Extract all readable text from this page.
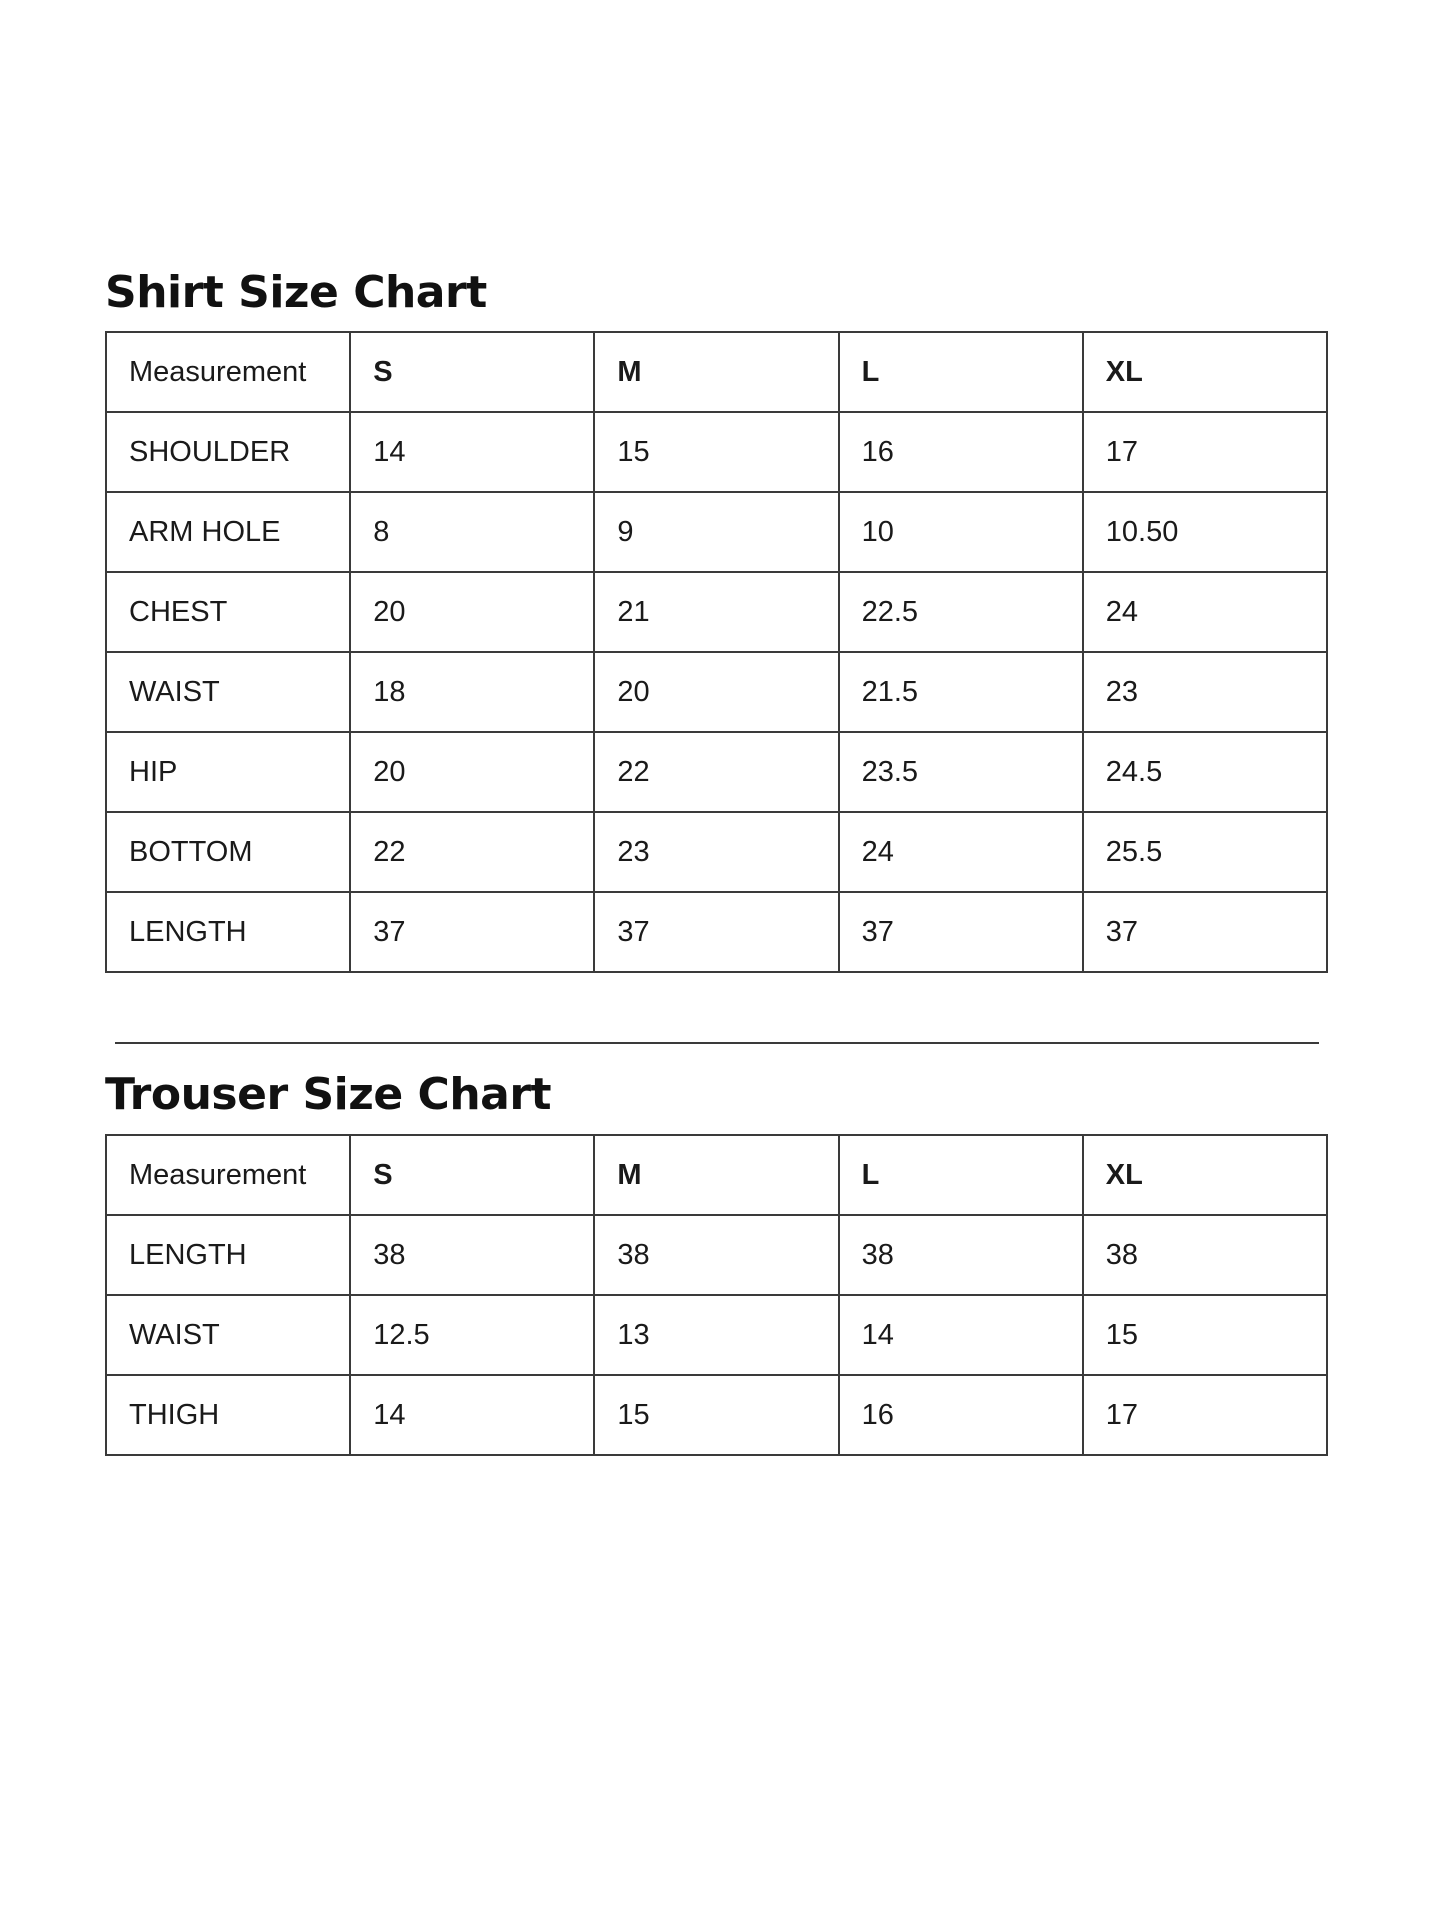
Shirt Size Chart
Measurement	S	M	L	XL
SHOULDER	14	15	16	17
ARM HOLE	8	9	10	10.50
CHEST	20	21	22.5	24
WAIST	18	20	21.5	23
HIP	20	22	23.5	24.5
BOTTOM	22	23	24	25.5
LENGTH	37	37	37	37
Trouser Size Chart
Measurement	S	M	L	XL
LENGTH	38	38	38	38
WAIST	12.5	13	14	15
THIGH	14	15	16	17
